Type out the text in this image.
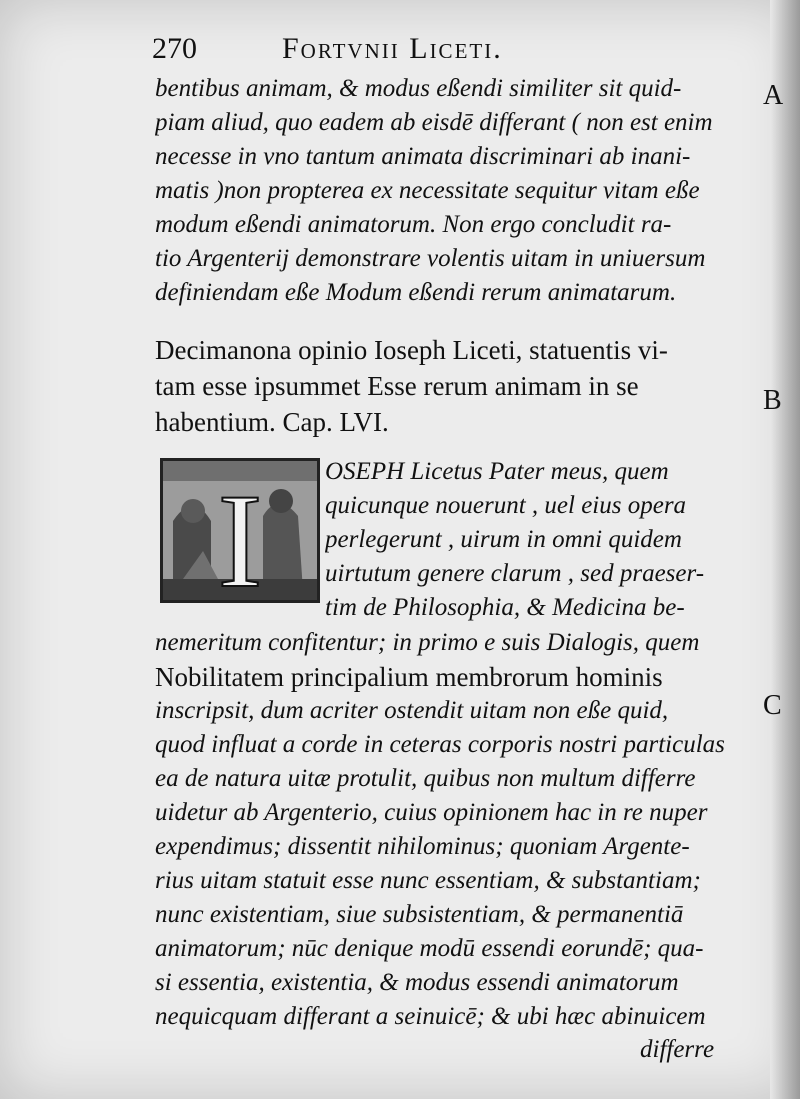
270	Fortvnii Liceti.
bentibus animam, & modus eßendi similiter sit quid-
piam aliud, quo eadem ab eisdē differant ( non est enim
necesse in vno tantum animata discriminari ab inani-
matis )non propterea ex necessitate sequitur vitam eße
modum eßendi animatorum. Non ergo concludit ra-
tio Argenterij demonstrare volentis uitam in uniuersum
definiendam eße Modum eßendi rerum animatarum.
Decimanona opinio Ioseph Liceti, statuentis vi-
tam esse ipsummet Esse rerum animam in se
habentium. Cap. LVI.
I	OSEPH Licetus Pater meus, quem
quicunque nouerunt , uel eius opera
perlegerunt , uirum in omni quidem
uirtutum genere clarum , sed praeser-
tim de Philosophia, & Medicina be-
nemeritum confitentur; in primo e suis Dialogis, quem
Nobilitatem principalium membrorum hominis
inscripsit, dum acriter ostendit uitam non eße quid,
quod influat a corde in ceteras corporis nostri particulas
ea de natura uitæ protulit, quibus non multum differre
uidetur ab Argenterio, cuius opinionem hac in re nuper
expendimus; dissentit nihilominus; quoniam Argente-
rius uitam statuit esse nunc essentiam, & substantiam;
nunc existentiam, siue subsistentiam, & permanentiā
animatorum; nūc denique modū essendi eorundē; qua-
si essentia, existentia, & modus essendi animatorum
nequicquam differant a seinuicē; & ubi hæc abinuicem
differre
A
B
C
